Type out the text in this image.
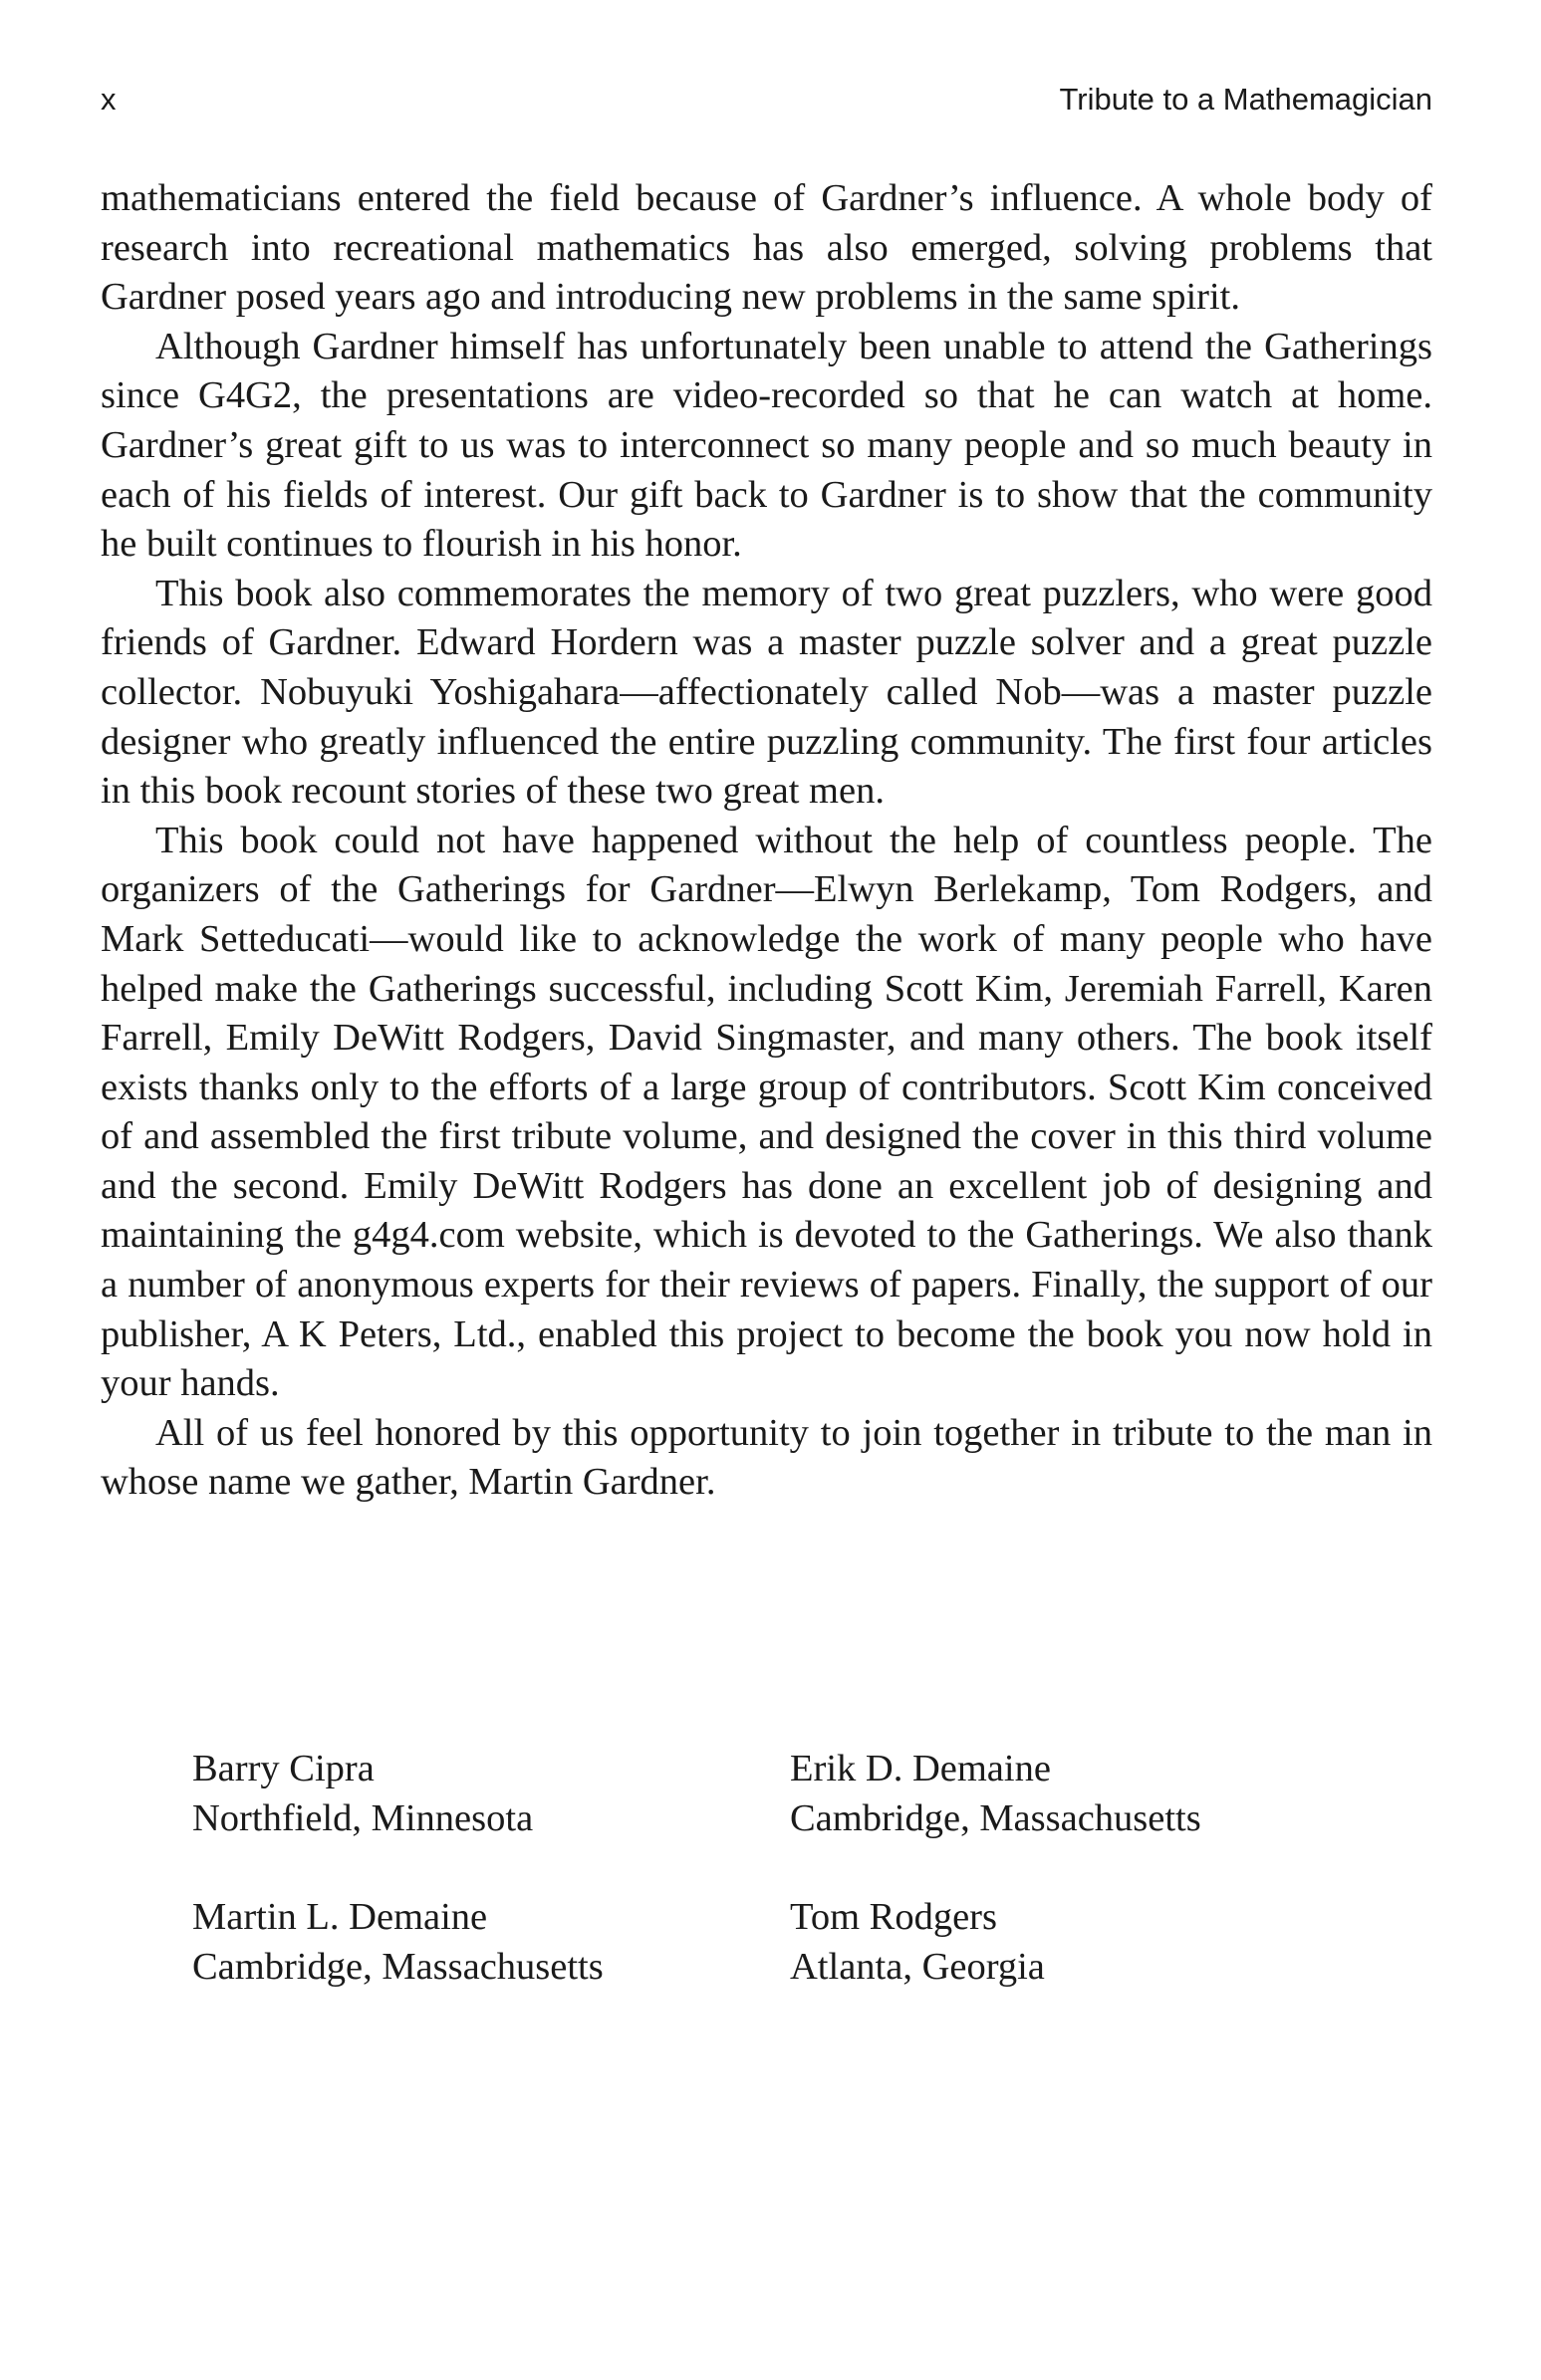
x	Tribute to a Mathemagician

mathematicians entered the field because of Gardner’s influence. A whole body of research into recreational mathematics has also emerged, solving problems that Gardner posed years ago and introducing new problems in the same spirit.

Although Gardner himself has unfortunately been unable to attend the Gatherings since G4G2, the presentations are video-recorded so that he can watch at home. Gardner’s great gift to us was to interconnect so many people and so much beauty in each of his fields of interest. Our gift back to Gardner is to show that the community he built continues to flourish in his honor.

This book also commemorates the memory of two great puzzlers, who were good friends of Gardner. Edward Hordern was a master puzzle solver and a great puzzle collector. Nobuyuki Yoshigahara—affectionately called Nob—was a master puzzle designer who greatly influenced the entire puzzling community. The first four articles in this book recount stories of these two great men.

This book could not have happened without the help of countless people. The organizers of the Gatherings for Gardner—Elwyn Berlekamp, Tom Rodgers, and Mark Setteducati—would like to acknowledge the work of many people who have helped make the Gatherings successful, including Scott Kim, Jeremiah Farrell, Karen Farrell, Emily DeWitt Rodgers, David Singmaster, and many others. The book itself exists thanks only to the efforts of a large group of contributors. Scott Kim conceived of and assembled the first tribute volume, and designed the cover in this third volume and the second. Emily DeWitt Rodgers has done an excellent job of designing and maintaining the g4g4.com website, which is devoted to the Gatherings. We also thank a number of anonymous experts for their reviews of papers. Finally, the support of our publisher, A K Peters, Ltd., enabled this project to become the book you now hold in your hands.

All of us feel honored by this opportunity to join together in tribute to the man in whose name we gather, Martin Gardner.

Barry Cipra
Northfield, Minnesota
Erik D. Demaine
Cambridge, Massachusetts
Martin L. Demaine
Cambridge, Massachusetts
Tom Rodgers
Atlanta, Georgia
